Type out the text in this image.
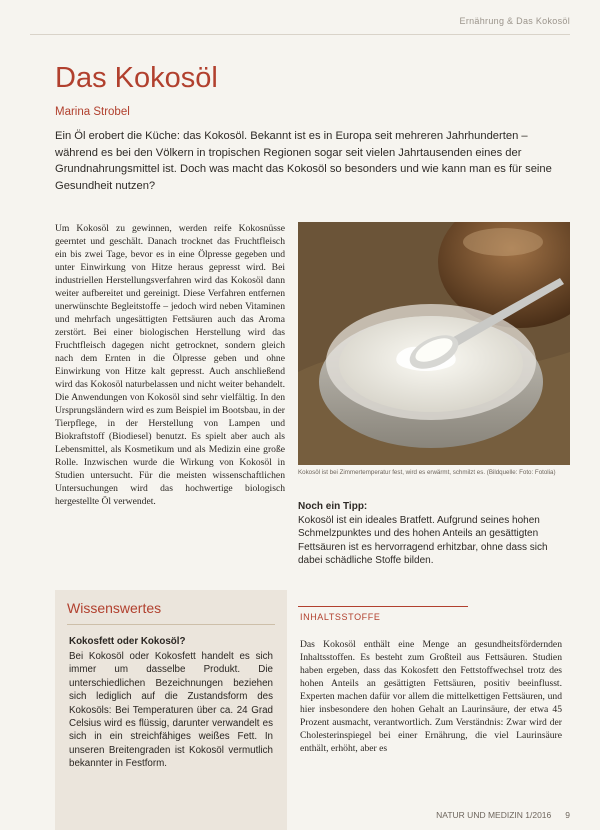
Ernährung & Das Kokosöl
Das Kokosöl
Marina Strobel

Ein Öl erobert die Küche: das Kokosöl. Bekannt ist es in Europa seit mehreren Jahrhunderten – während es bei den Völkern in tropischen Regionen sogar seit vielen Jahrtausenden eines der Grundnahrungsmittel ist. Doch was macht das Kokosöl so besonders und wie kann man es für seine Gesundheit nutzen?

Um Kokosöl zu gewinnen, werden reife Kokosnüsse geerntet und geschält. Danach trocknet das Fruchtfleisch ein bis zwei Tage, bevor es in eine Ölpresse gegeben und unter Einwirkung von Hitze heraus gepresst wird. Bei industriellen Herstellungsverfahren wird das Kokosöl dann weiter aufbereitet und gereinigt. Diese Verfahren entfernen unerwünschte Begleitstoffe – jedoch wird neben Vitaminen und mehrfach ungesättigten Fettsäuren auch das Aroma zerstört. Bei einer biologischen Herstellung wird das Fruchtfleisch dagegen nicht getrocknet, sondern gleich nach dem Ernten in die Ölpresse geben und ohne Einwirkung von Hitze kalt gepresst. Auch anschließend wird das Kokosöl naturbelassen und nicht weiter behandelt. Die Anwendungen von Kokosöl sind sehr vielfältig. In den Ursprungsländern wird es zum Beispiel im Bootsbau, in der Tierpflege, in der Herstellung von Lampen und Biokraftstoff (Biodiesel) benutzt. Es spielt aber auch als Lebensmittel, als Kosmetikum und als Medizin eine große Rolle. Inzwischen wurde die Wirkung von Kokosöl in Studien untersucht. Für die meisten wissenschaftlichen Untersuchungen wird das hochwertige biologisch hergestellte Öl verwendet.

Kokosöl ist bei Zimmertemperatur fest, wird es erwärmt, schmilzt es. (Bildquelle: Foto: Fotolia)

Noch ein Tipp:
Kokosöl ist ein ideales Bratfett. Aufgrund seines hohen Schmelzpunktes und des hohen Anteils an gesättigten Fettsäuren ist es hervorragend erhitzbar, ohne dass sich dabei schädliche Stoffe bilden.
Wissenswertes
Kokosfett oder Kokosöl?

Bei Kokosöl oder Kokosfett handelt es sich immer um dasselbe Produkt. Die unterschiedlichen Bezeichnungen beziehen sich lediglich auf die Zustandsform des Kokosöls: Bei Temperaturen über ca. 24 Grad Celsius wird es flüssig, darunter verwandelt es sich in ein streichfähiges weißes Fett. In unseren Breitengraden ist Kokosöl vermutlich bekannter in Festform.

INHALTSSTOFFE

Das Kokosöl enthält eine Menge an gesundheitsfördernden Inhaltsstoffen. Es besteht zum Großteil aus Fettsäuren. Studien haben ergeben, dass das Kokosfett den Fettstoffwechsel trotz des hohen Anteils an gesättigten Fettsäuren, positiv beeinflusst. Experten machen dafür vor allem die mittelkettigen Fettsäuren, und hier insbesondere den hohen Gehalt an Laurinsäure, der etwa 45 Prozent ausmacht, verantwortlich. Zum Verständnis: Zwar wird der Cholesterinspiegel bei einer Ernährung, die viel Laurinsäure enthält, erhöht, aber es

NATUR UND MEDIZIN 1/2016 9
